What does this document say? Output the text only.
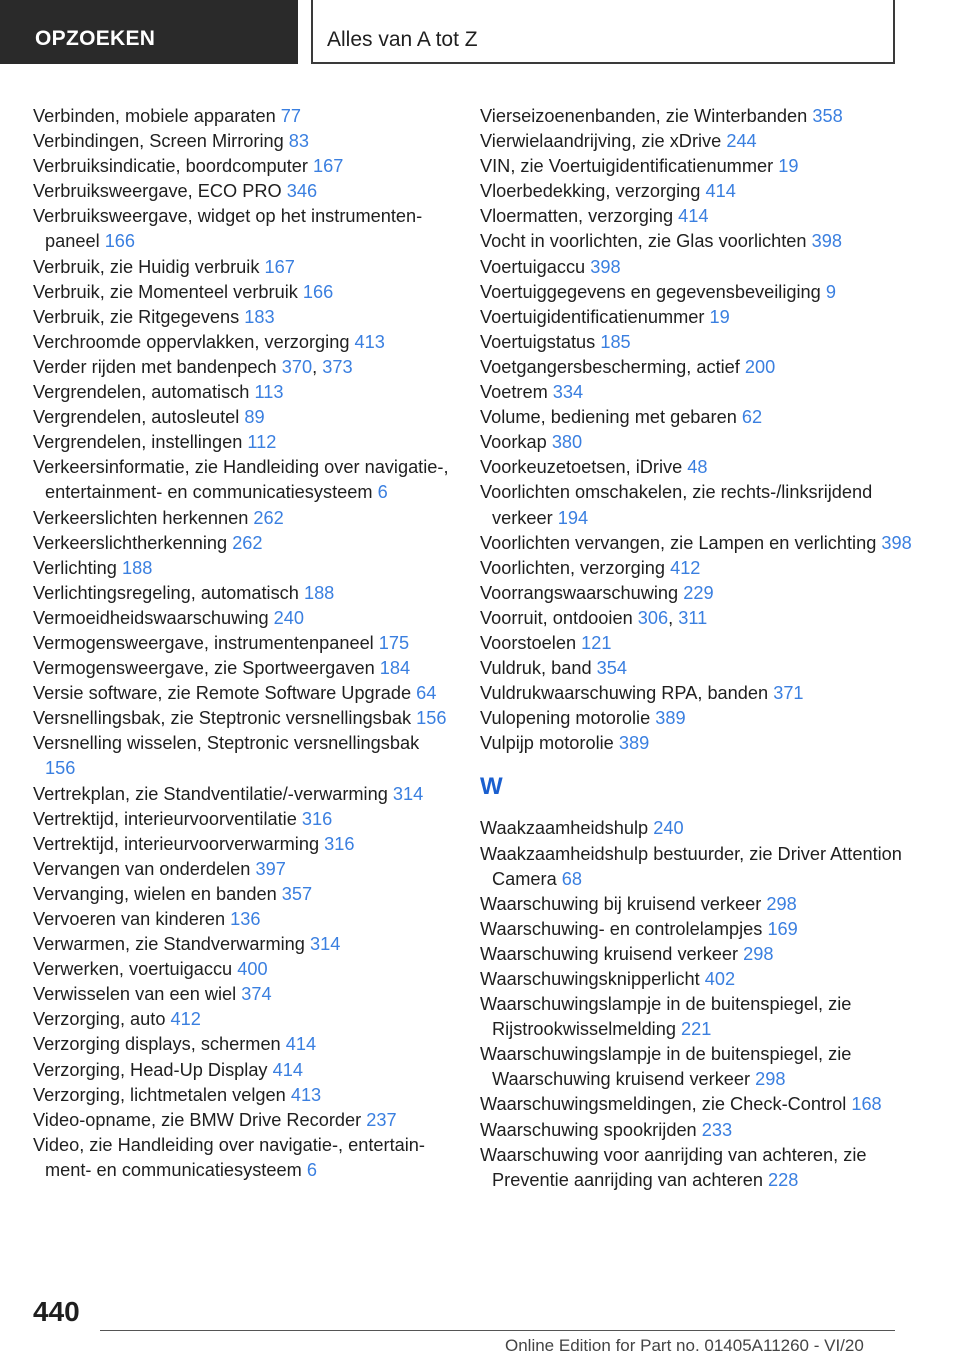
OPZOEKEN	Alles van A tot Z
Verbinden, mobiele apparaten 77
Verbindingen, Screen Mirroring 83
Verbruiksindicatie, boordcomputer 167
Verbruiksweergave, ECO PRO 346
Verbruiksweergave, widget op het instrumentenpaneel 166
Verbruik, zie Huidig verbruik 167
Verbruik, zie Momenteel verbruik 166
Verbruik, zie Ritgegevens 183
Verchroomde oppervlakken, verzorging 413
Verder rijden met bandenpech 370, 373
Vergrendelen, automatisch 113
Vergrendelen, autosleutel 89
Vergrendelen, instellingen 112
Verkeersinformatie, zie Handleiding over navigatie-, entertainment- en communicatiesysteem 6
Verkeerslichten herkennen 262
Verkeerslichtherkenning 262
Verlichting 188
Verlichtingsregeling, automatisch 188
Vermoeidheidswaarschuwing 240
Vermogensweergave, instrumentenpaneel 175
Vermogensweergave, zie Sportweergaven 184
Versie software, zie Remote Software Upgrade 64
Versnellingsbak, zie Steptronic versnellingsbak 156
Versnelling wisselen, Steptronic versnellingsbak 156
Vertrekplan, zie Standventilatie/-verwarming 314
Vertrektijd, interieurvoorventilatie 316
Vertrektijd, interieurvoorverwarming 316
Vervangen van onderdelen 397
Vervanging, wielen en banden 357
Vervoeren van kinderen 136
Verwarmen, zie Standverwarming 314
Verwerken, voertuigaccu 400
Verwisselen van een wiel 374
Verzorging, auto 412
Verzorging displays, schermen 414
Verzorging, Head-Up Display 414
Verzorging, lichtmetalen velgen 413
Video-opname, zie BMW Drive Recorder 237
Video, zie Handleiding over navigatie-, entertainment- en communicatiesysteem 6
Vierseizoenenbanden, zie Winterbanden 358
Vierwielaandrijving, zie xDrive 244
VIN, zie Voertuigidentificatienummer 19
Vloerbedekking, verzorging 414
Vloermatten, verzorging 414
Vocht in voorlichten, zie Glas voorlichten 398
Voertuigaccu 398
Voertuiggegevens en gegevensbeveiliging 9
Voertuigidentificatienummer 19
Voertuigstatus 185
Voetgangersbescherming, actief 200
Voetrem 334
Volume, bediening met gebaren 62
Voorkap 380
Voorkeuzetoetsen, iDrive 48
Voorlichten omschakelen, zie rechts-/linksrijdend verkeer 194
Voorlichten vervangen, zie Lampen en verlichting 398
Voorlichten, verzorging 412
Voorrangswaarschuwing 229
Voorruit, ontdooien 306, 311
Voorstoelen 121
Vuldruk, band 354
Vuldrukwaarschuwing RPA, banden 371
Vulopening motorolie 389
Vulpijp motorolie 389
W
Waakzaamheidshulp 240
Waakzaamheidshulp bestuurder, zie Driver Attention Camera 68
Waarschuwing bij kruisend verkeer 298
Waarschuwing- en controlelampjes 169
Waarschuwing kruisend verkeer 298
Waarschuwingsknipperlicht 402
Waarschuwingslampje in de buitenspiegel, zie Rijstrookwisselmelding 221
Waarschuwingslampje in de buitenspiegel, zie Waarschuwing kruisend verkeer 298
Waarschuwingsmeldingen, zie Check-Control 168
Waarschuwing spookrijden 233
Waarschuwing voor aanrijding van achteren, zie Preventie aanrijding van achteren 228
440
Online Edition for Part no. 01405A11260 - VI/20
